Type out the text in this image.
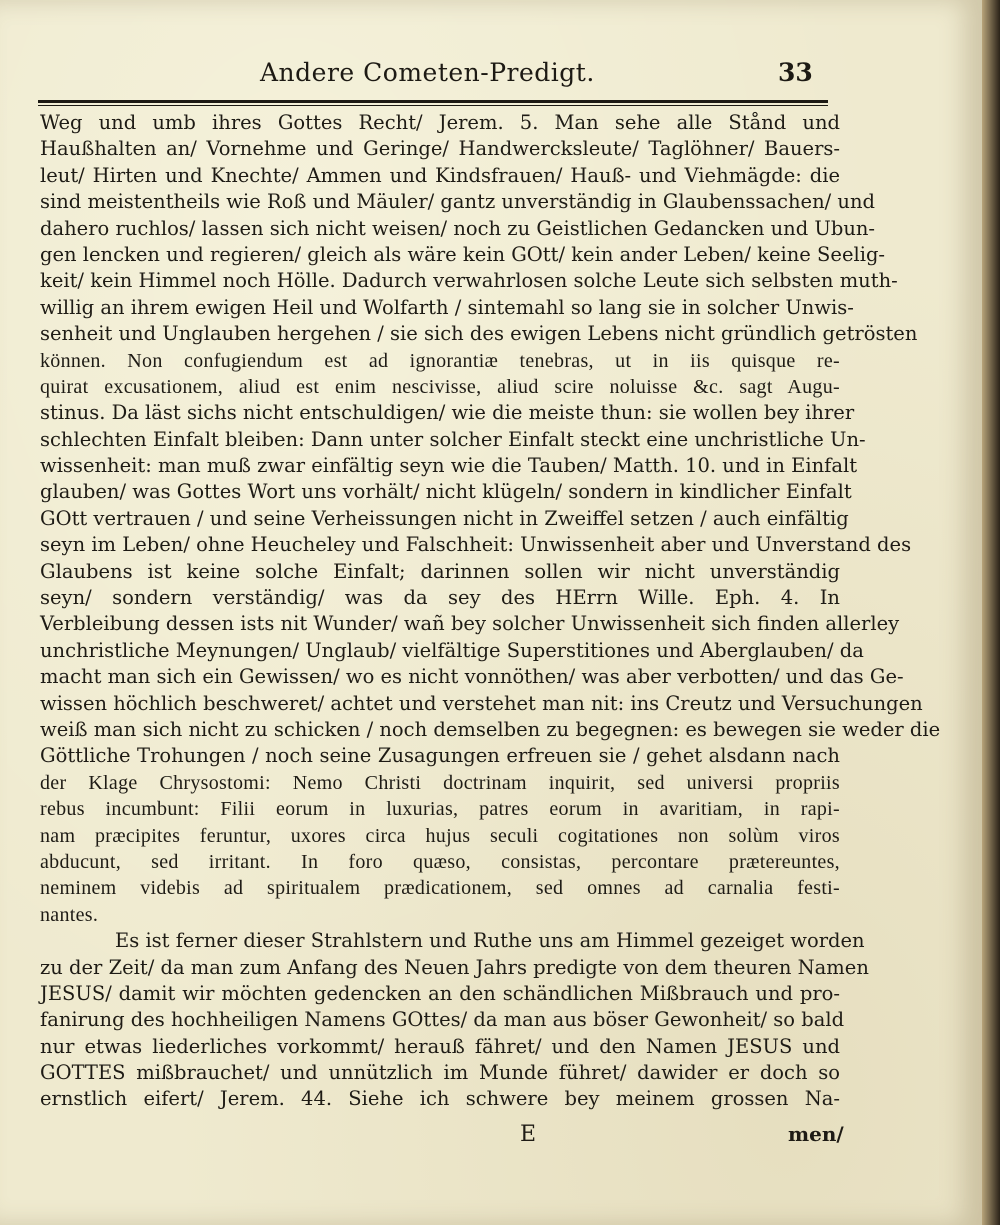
Andere Cometen-Predigt.	33
Weg und umb ihres Gottes Recht/ Jerem. 5. Man sehe alle Stånd und
Haußhalten an/ Vornehme und Geringe/ Handwercksleute/ Taglöhner/ Bauers-
leut/ Hirten und Knechte/ Ammen und Kindsfrauen/ Hauß- und Viehmägde: die
sind meistentheils wie Roß und Mäuler/ gantz unverständig in Glaubenssachen/ und
dahero ruchlos/ lassen sich nicht weisen/ noch zu Geistlichen Gedancken und Ubun-
gen lencken und regieren/ gleich als wäre kein GOtt/ kein ander Leben/ keine Seelig-
keit/ kein Himmel noch Hölle. Dadurch verwahrlosen solche Leute sich selbsten muth-
willig an ihrem ewigen Heil und Wolfarth / sintemahl so lang sie in solcher Unwis-
senheit und Unglauben hergehen / sie sich des ewigen Lebens nicht gründlich getrösten
können. Non confugiendum est ad ignorantiæ tenebras, ut in iis quisque re-
quirat excusationem, aliud est enim nescivisse, aliud scire noluisse &c. sagt Augu-
stinus. Da läst sichs nicht entschuldigen/ wie die meiste thun: sie wollen bey ihrer
schlechten Einfalt bleiben: Dann unter solcher Einfalt steckt eine unchristliche Un-
wissenheit: man muß zwar einfältig seyn wie die Tauben/ Matth. 10. und in Einfalt
glauben/ was Gottes Wort uns vorhält/ nicht klügeln/ sondern in kindlicher Einfalt
GOtt vertrauen / und seine Verheissungen nicht in Zweiffel setzen / auch einfältig
seyn im Leben/ ohne Heucheley und Falschheit: Unwissenheit aber und Unverstand des
Glaubens ist keine solche Einfalt; darinnen sollen wir nicht unverständig
seyn/ sondern verständig/ was da sey des HErrn Wille. Eph. 4. In
Verbleibung dessen ists nit Wunder/ wañ bey solcher Unwissenheit sich finden allerley
unchristliche Meynungen/ Unglaub/ vielfältige Superstitiones und Aberglauben/ da
macht man sich ein Gewissen/ wo es nicht vonnöthen/ was aber verbotten/ und das Ge-
wissen höchlich beschweret/ achtet und verstehet man nit: ins Creutz und Versuchungen
weiß man sich nicht zu schicken / noch demselben zu begegnen: es bewegen sie weder die
Göttliche Trohungen / noch seine Zusagungen erfreuen sie / gehet alsdann nach
der Klage Chrysostomi: Nemo Christi doctrinam inquirit, sed universi propriis
rebus incumbunt: Filii eorum in luxurias, patres eorum in avaritiam, in rapi-
nam præcipites feruntur, uxores circa hujus seculi cogitationes non solùm viros
abducunt, sed irritant. In foro quæso, consistas, percontare prætereuntes,
neminem videbis ad spiritualem prædicationem, sed omnes ad carnalia festi-
nantes.
Es ist ferner dieser Strahlstern und Ruthe uns am Himmel gezeiget worden
zu der Zeit/ da man zum Anfang des Neuen Jahrs predigte von dem theuren Namen
JESUS/ damit wir möchten gedencken an den schändlichen Mißbrauch und pro-
fanirung des hochheiligen Namens GOttes/ da man aus böser Gewonheit/ so bald
nur etwas liederliches vorkommt/ herauß fähret/ und den Namen JESUS und
GOTTES mißbrauchet/ und unnützlich im Munde führet/ dawider er doch so
ernstlich eifert/ Jerem. 44. Siehe ich schwere bey meinem grossen Na-
E	men/
